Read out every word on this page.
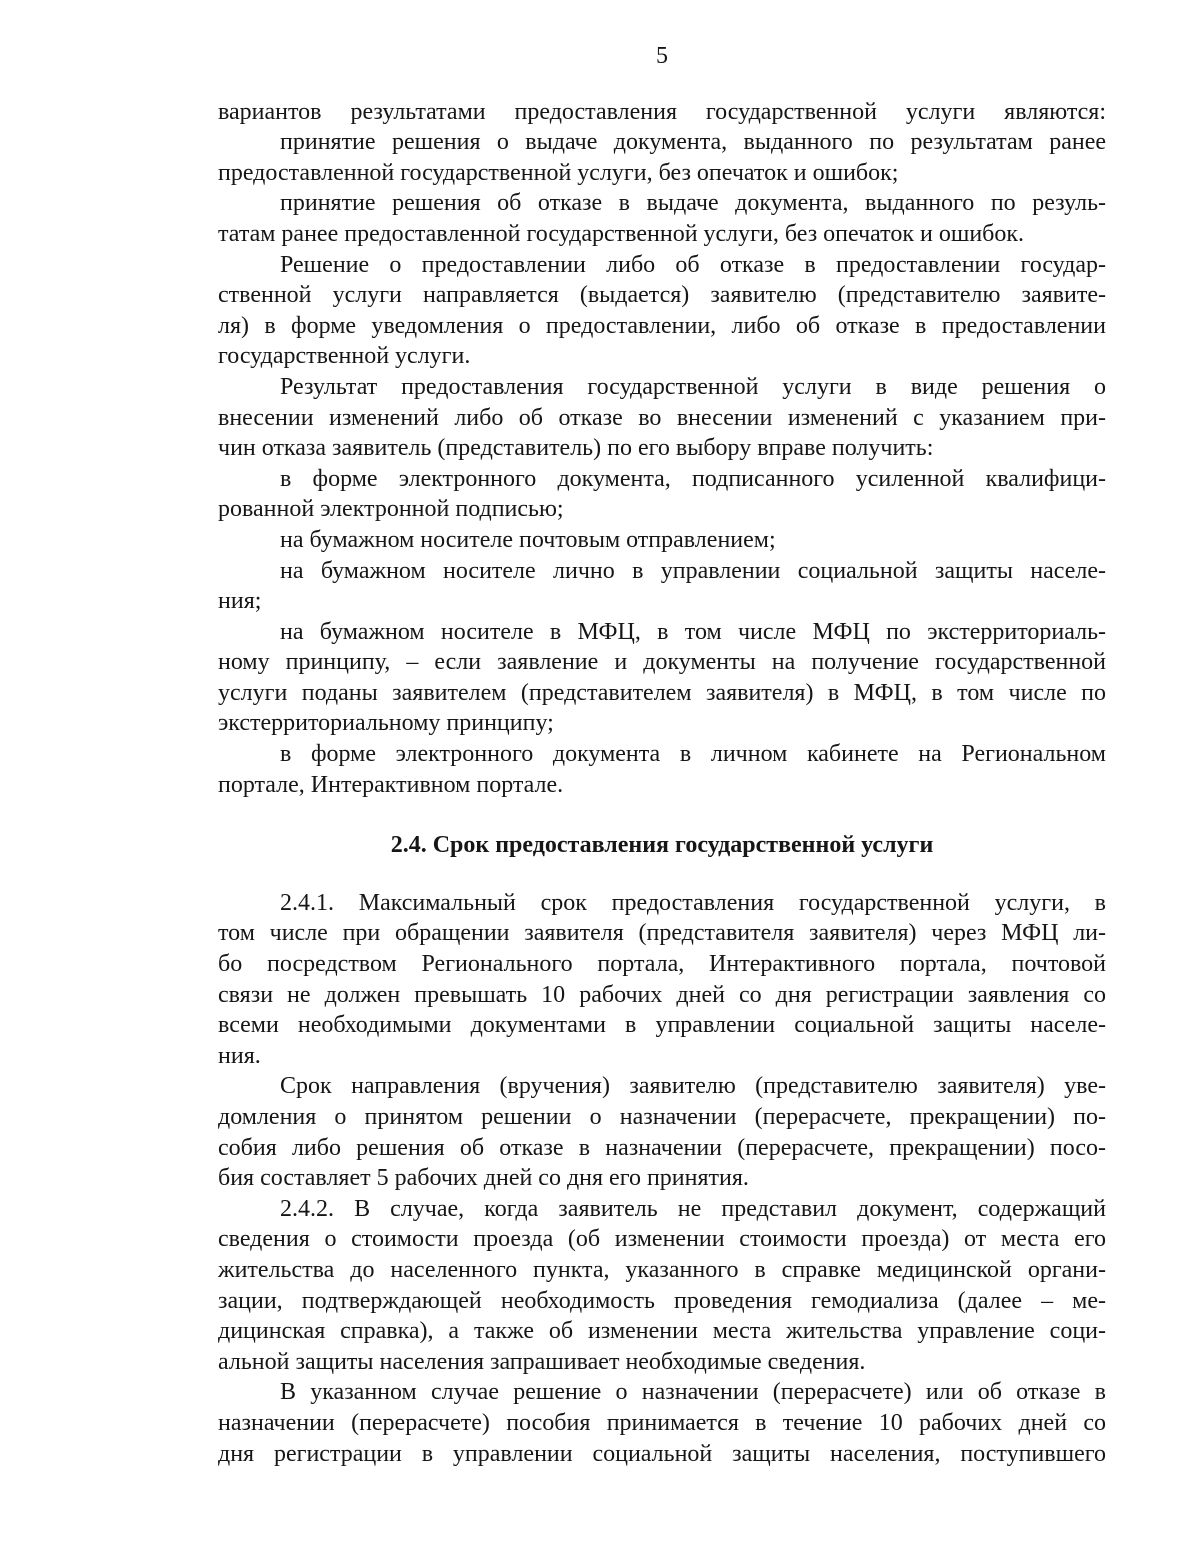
5
вариантов результатами предоставления государственной услуги являются:
принятие решения о выдаче документа, выданного по результатам ранее
предоставленной государственной услуги, без опечаток и ошибок;
принятие решения об отказе в выдаче документа, выданного по резуль-
татам ранее предоставленной государственной услуги, без опечаток и ошибок.
Решение о предоставлении либо об отказе в предоставлении государ-
ственной услуги направляется (выдается) заявителю (представителю заявите-
ля) в форме уведомления о предоставлении, либо об отказе в предоставлении
государственной услуги.
Результат предоставления государственной услуги в виде решения о
внесении изменений либо об отказе во внесении изменений с указанием при-
чин отказа заявитель (представитель) по его выбору вправе получить:
в форме электронного документа, подписанного усиленной квалифици-
рованной электронной подписью;
на бумажном носителе почтовым отправлением;
на бумажном носителе лично в управлении социальной защиты населе-
ния;
на бумажном носителе в МФЦ, в том числе МФЦ по экстерриториаль-
ному принципу, – если заявление и документы на получение государственной
услуги поданы заявителем (представителем заявителя) в МФЦ, в том числе по
экстерриториальному принципу;
в форме электронного документа в личном кабинете на Региональном
портале, Интерактивном портале.
2.4. Срок предоставления государственной услуги
2.4.1. Максимальный срок предоставления государственной услуги, в
том числе при обращении заявителя (представителя заявителя) через МФЦ ли-
бо посредством Регионального портала, Интерактивного портала, почтовой
связи не должен превышать 10 рабочих дней со дня регистрации заявления со
всеми необходимыми документами в управлении социальной защиты населе-
ния.
Срок направления (вручения) заявителю (представителю заявителя) уве-
домления о принятом решении о назначении (перерасчете, прекращении) по-
собия либо решения об отказе в назначении (перерасчете, прекращении) посо-
бия составляет 5 рабочих дней со дня его принятия.
2.4.2. В случае, когда заявитель не представил документ, содержащий
сведения о стоимости проезда (об изменении стоимости проезда) от места его
жительства до населенного пункта, указанного в справке медицинской органи-
зации, подтверждающей необходимость проведения гемодиализа (далее – ме-
дицинская справка), а также об изменении места жительства управление соци-
альной защиты населения запрашивает необходимые сведения.
В указанном случае решение о назначении (перерасчете) или об отказе в
назначении (перерасчете) пособия принимается в течение 10 рабочих дней со
дня регистрации в управлении социальной защиты населения, поступившего
